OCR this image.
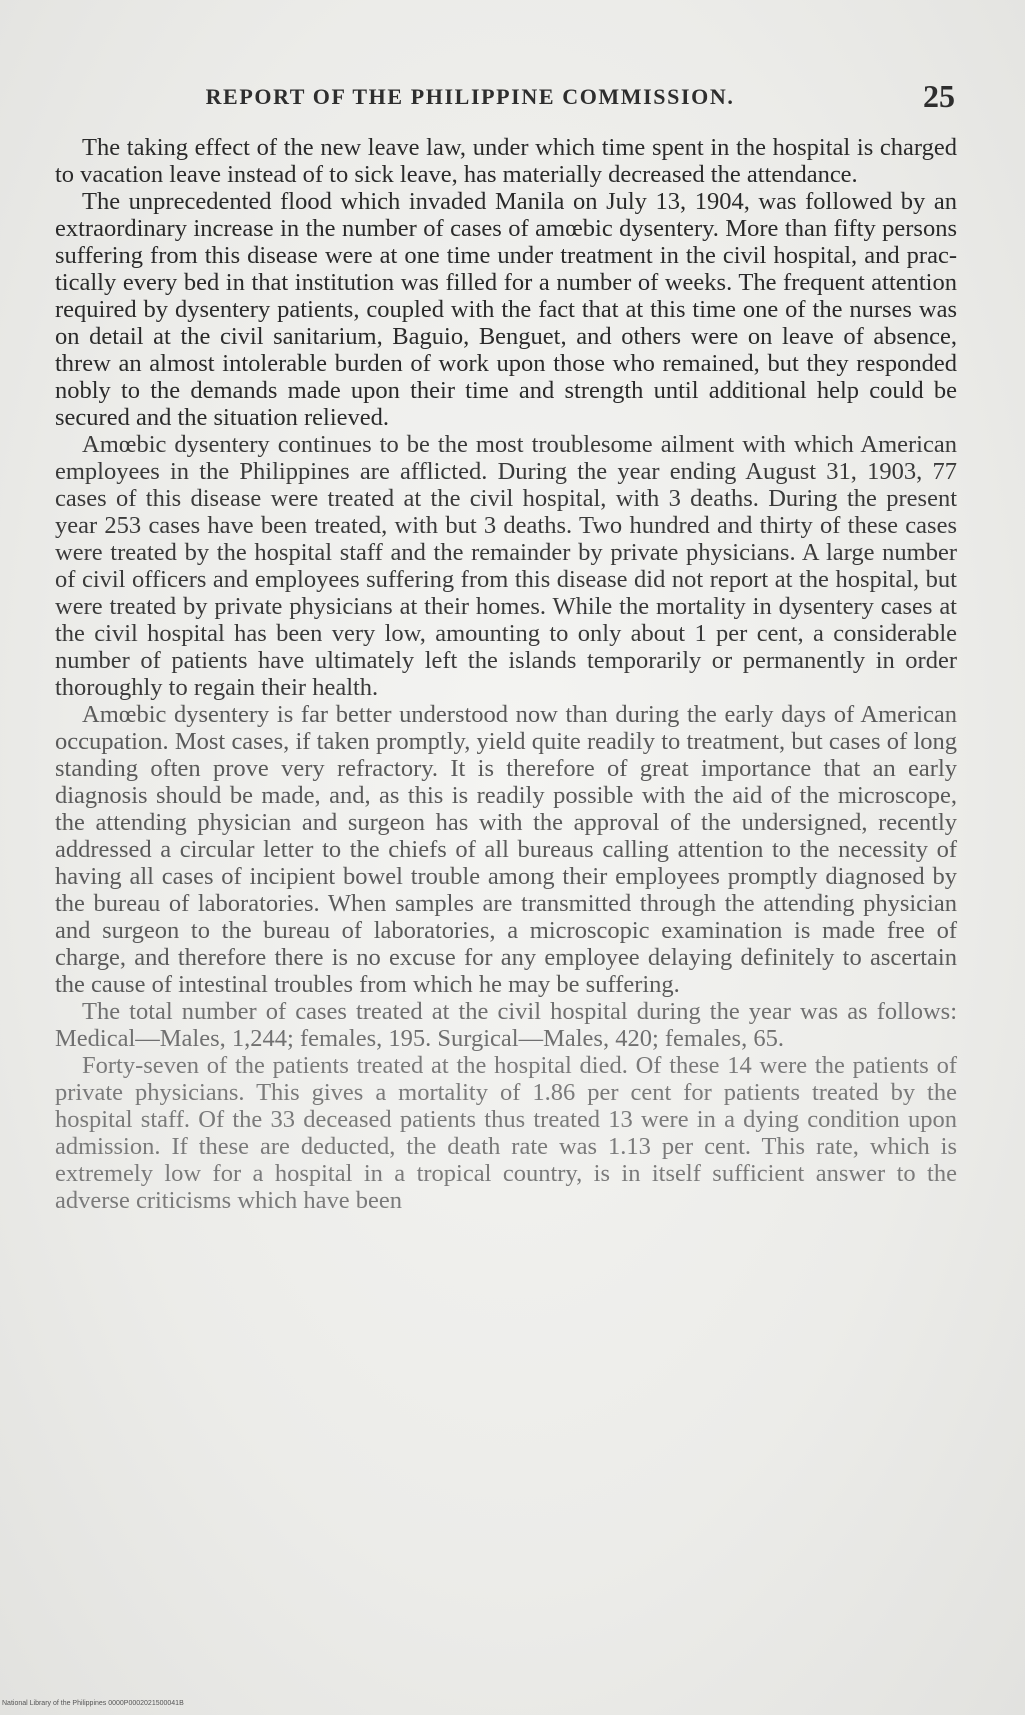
REPORT OF THE PHILIPPINE COMMISSION.	25

The taking effect of the new leave law, under which time spent in the hospital is charged to vacation leave instead of to sick leave, has materially decreased the attendance.

The unprecedented flood which invaded Manila on July 13, 1904, was followed by an extraordinary increase in the number of cases of amœbic dysentery. More than fifty persons suffering from this disease were at one time under treatment in the civil hospital, and practically every bed in that institution was filled for a number of weeks. The frequent attention required by dysentery patients, coupled with the fact that at this time one of the nurses was on detail at the civil sanitarium, Baguio, Benguet, and others were on leave of absence, threw an almost intolerable burden of work upon those who remained, but they responded nobly to the demands made upon their time and strength until additional help could be secured and the situation relieved.

Amœbic dysentery continues to be the most troublesome ailment with which American employees in the Philippines are afflicted. During the year ending August 31, 1903, 77 cases of this disease were treated at the civil hospital, with 3 deaths. During the present year 253 cases have been treated, with but 3 deaths. Two hundred and thirty of these cases were treated by the hospital staff and the remainder by private physicians. A large number of civil officers and employees suffering from this disease did not report at the hospital, but were treated by private physicians at their homes. While the mortality in dysentery cases at the civil hospital has been very low, amounting to only about 1 per cent, a considerable number of patients have ultimately left the islands temporarily or permanently in order thoroughly to regain their health.

Amœbic dysentery is far better understood now than during the early days of American occupation. Most cases, if taken promptly, yield quite readily to treatment, but cases of long standing often prove very refractory. It is therefore of great importance that an early diagnosis should be made, and, as this is readily possible with the aid of the microscope, the attending physician and surgeon has with the approval of the undersigned, recently addressed a circular letter to the chiefs of all bureaus calling attention to the necessity of having all cases of incipient bowel trouble among their employees promptly diagnosed by the bureau of laboratories. When samples are transmitted through the attending physician and surgeon to the bureau of laboratories, a microscopic examination is made free of charge, and therefore there is no excuse for any employee delaying definitely to ascertain the cause of intestinal troubles from which he may be suffering.

The total number of cases treated at the civil hospital during the year was as follows: Medical—Males, 1,244; females, 195. Surgical—Males, 420; females, 65.

Forty-seven of the patients treated at the hospital died. Of these 14 were the patients of private physicians. This gives a mortality of 1.86 per cent for patients treated by the hospital staff. Of the 33 deceased patients thus treated 13 were in a dying condition upon admission. If these are deducted, the death rate was 1.13 per cent. This rate, which is extremely low for a hospital in a tropical country, is in itself sufficient answer to the adverse criticisms which have been

National Library of the Philippines 0000P0002021500041B
